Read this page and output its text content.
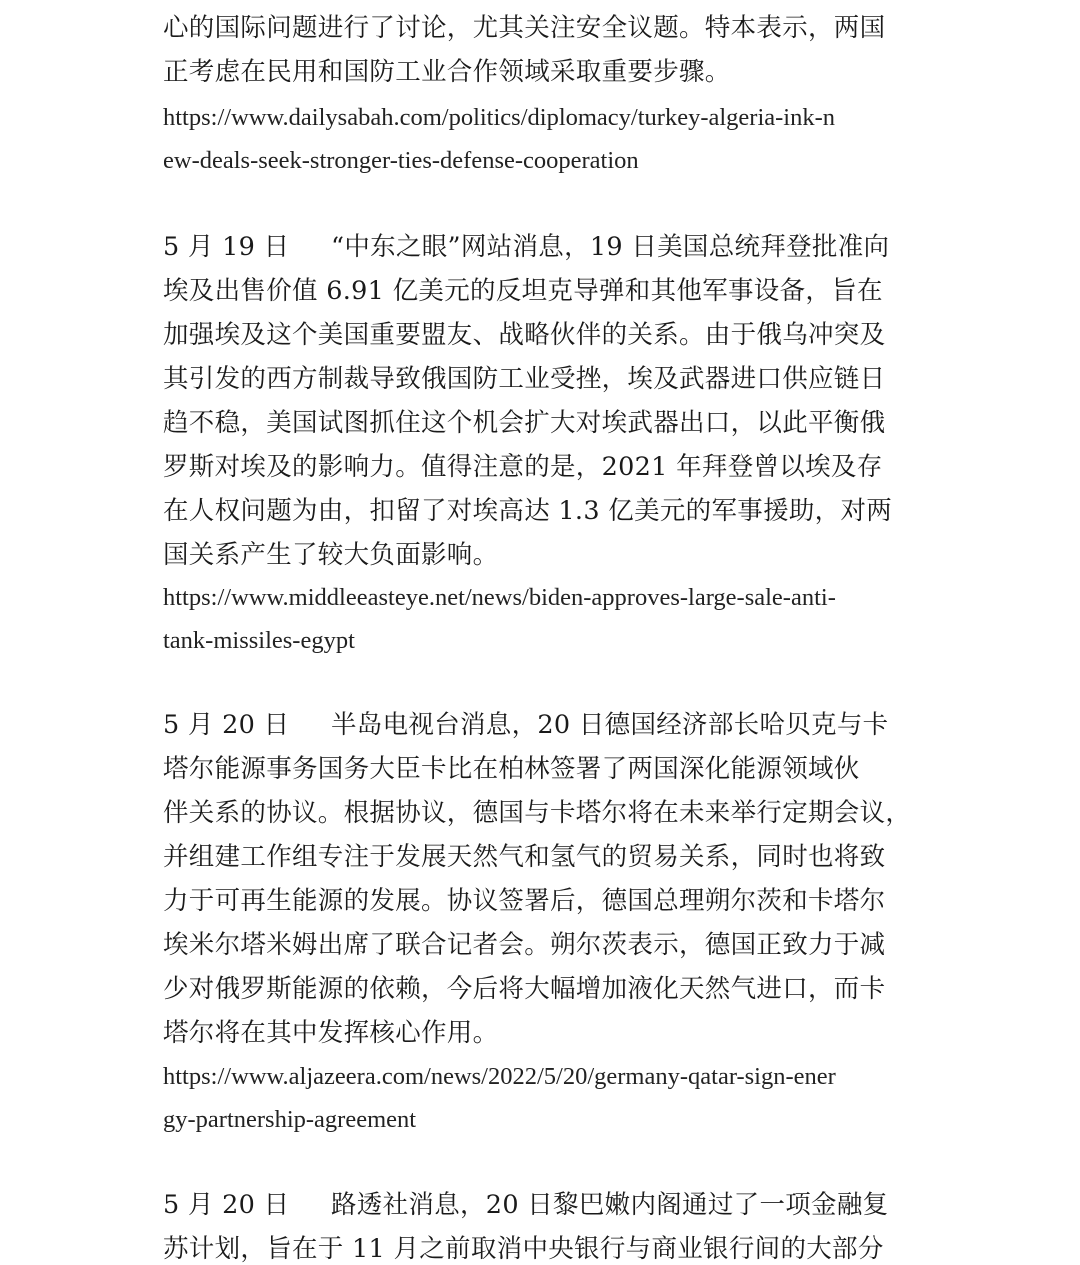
心的国际问题进行了讨论，尤其关注安全议题。特本表示，两国
正考虑在民用和国防工业合作领域采取重要步骤。
https://www.dailysabah.com/politics/diplomacy/turkey-algeria-ink-n
ew-deals-seek-stronger-ties-defense-cooperation
5 月 19 日 “中东之眼”网站消息，19 日美国总统拜登批准向
埃及出售价值 6.91 亿美元的反坦克导弹和其他军事设备，旨在
加强埃及这个美国重要盟友、战略伙伴的关系。由于俄乌冲突及
其引发的西方制裁导致俄国防工业受挫，埃及武器进口供应链日
趋不稳，美国试图抓住这个机会扩大对埃武器出口，以此平衡俄
罗斯对埃及的影响力。值得注意的是，2021 年拜登曾以埃及存
在人权问题为由，扣留了对埃高达 1.3 亿美元的军事援助，对两
国关系产生了较大负面影响。
https://www.middleeasteye.net/news/biden-approves-large-sale-anti-
tank-missiles-egypt
5 月 20 日 半岛电视台消息，20 日德国经济部长哈贝克与卡
塔尔能源事务国务大臣卡比在柏林签署了两国深化能源领域伙
伴关系的协议。根据协议，德国与卡塔尔将在未来举行定期会议，
并组建工作组专注于发展天然气和氢气的贸易关系，同时也将致
力于可再生能源的发展。协议签署后，德国总理朔尔茨和卡塔尔
埃米尔塔米姆出席了联合记者会。朔尔茨表示，德国正致力于减
少对俄罗斯能源的依赖，今后将大幅增加液化天然气进口，而卡
塔尔将在其中发挥核心作用。
https://www.aljazeera.com/news/2022/5/20/germany-qatar-sign-ener
gy-partnership-agreement
5 月 20 日 路透社消息，20 日黎巴嫩内阁通过了一项金融复
苏计划，旨在于 11 月之前取消中央银行与商业银行间的大部分
